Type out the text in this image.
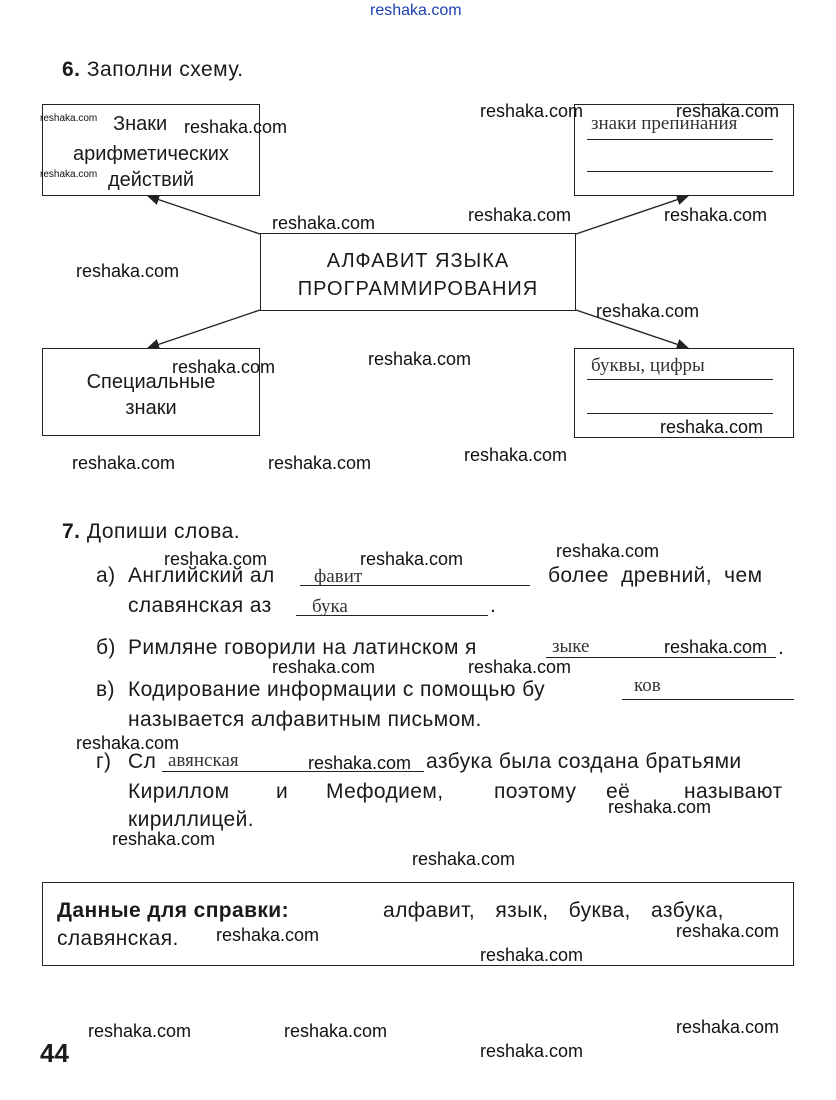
reshaka.com
6. Заполни схему.
АЛФАВИТ ЯЗЫКА
ПРОГРАММИРОВАНИЯ
Знаки
арифметических
действий
Специальные
знаки
знаки препинания
буквы, цифры
7. Допиши слова.
а) Английский ал фавит	более древний, чем
славянская аз бука	.
б) Римляне говорили на латинском я	зыке	.
в) Кодирование информации с помощью бу	ков
называется алфавитным письмом.
г) Сл авянская	азбука была создана братьями
Кириллом и Мефодием, поэтому её	называют
кириллицей.
Данные для справки:	алфавит, язык, буква, азбука,
славянская.
44
reshaka.com
reshaka.com
reshaka.com
reshaka.com	reshaka.com
reshaka.com	reshaka.com	reshaka.com
reshaka.com
reshaka.com
reshaka.com	reshaka.com
reshaka.com
reshaka.com	reshaka.com	reshaka.com
reshaka.com	reshaka.com	reshaka.com
reshaka.com
reshaka.com	reshaka.com
reshaka.com
reshaka.com
reshaka.com
reshaka.com
reshaka.com
reshaka.com	reshaka.com
reshaka.com
reshaka.com	reshaka.com	reshaka.com
reshaka.com
